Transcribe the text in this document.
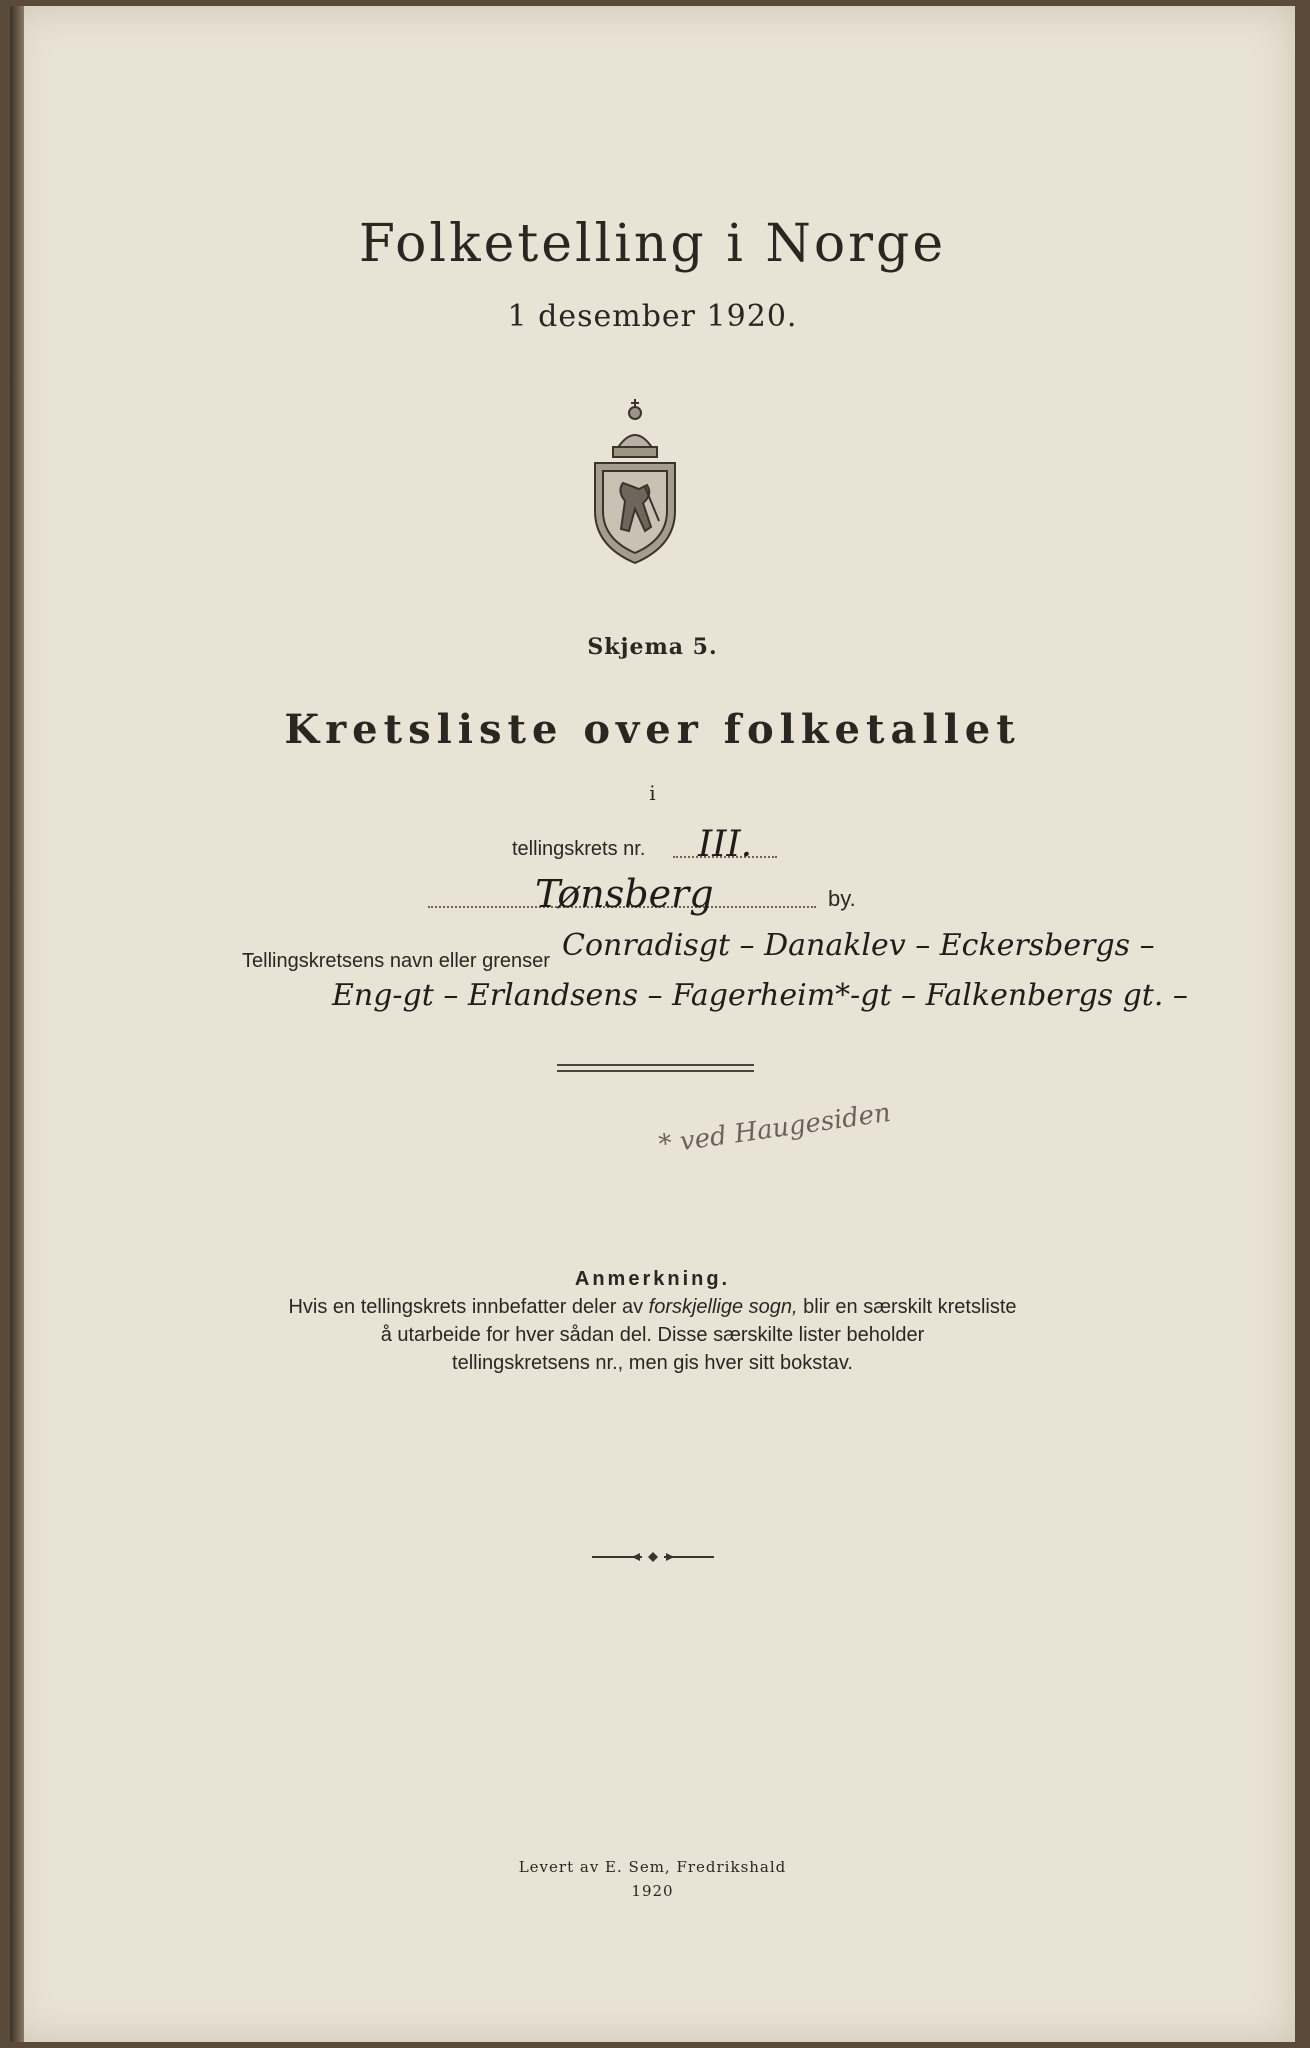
Folketelling i Norge
1 desember 1920.
Skjema 5.
Kretsliste over folketallet
i
tellingskrets nr. III.
Tønsberg	by.
Tellingskretsens navn eller grenser Conradisgt – Danaklev – Eckersbergs –
Eng-gt – Erlandsens – Fagerheim*-gt – Falkenbergs gt. –
* ved Haugesiden
Anmerkning.
Hvis en tellingskrets innbefatter deler av forskjellige sogn, blir en særskilt kretsliste
å utarbeide for hver sådan del. Disse særskilte lister beholder
tellingskretsens nr., men gis hver sitt bokstav.
Levert av E. Sem, Fredrikshald
1920
